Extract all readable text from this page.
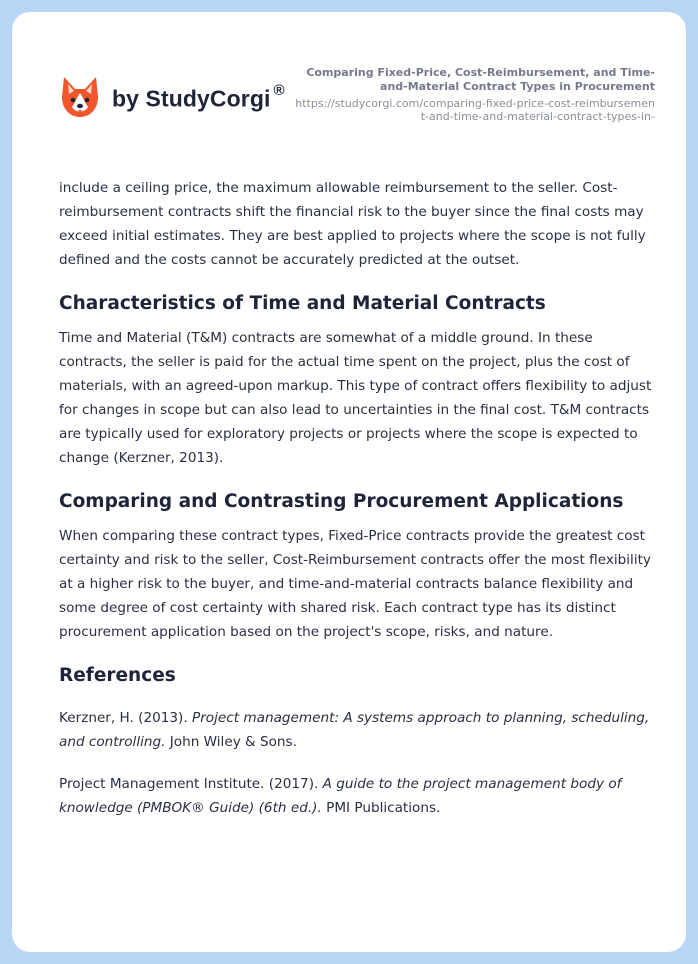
by StudyCorgi ®
Comparing Fixed-Price, Cost-Reimbursement, and Time-and-Material Contract Types in Procurement
https://studycorgi.com/comparing-fixed-price-cost-reimbursement-and-time-and-material-contract-types-in-

include a ceiling price, the maximum allowable reimbursement to the seller. Cost-reimbursement contracts shift the financial risk to the buyer since the final costs may exceed initial estimates. They are best applied to projects where the scope is not fully defined and the costs cannot be accurately predicted at the outset.

Characteristics of Time and Material Contracts

Time and Material (T&M) contracts are somewhat of a middle ground. In these contracts, the seller is paid for the actual time spent on the project, plus the cost of materials, with an agreed-upon markup. This type of contract offers flexibility to adjust for changes in scope but can also lead to uncertainties in the final cost. T&M contracts are typically used for exploratory projects or projects where the scope is expected to change (Kerzner, 2013).

Comparing and Contrasting Procurement Applications

When comparing these contract types, Fixed-Price contracts provide the greatest cost certainty and risk to the seller, Cost-Reimbursement contracts offer the most flexibility at a higher risk to the buyer, and time-and-material contracts balance flexibility and some degree of cost certainty with shared risk. Each contract type has its distinct procurement application based on the project's scope, risks, and nature.

References

Kerzner, H. (2013). Project management: A systems approach to planning, scheduling, and controlling. John Wiley & Sons.

Project Management Institute. (2017). A guide to the project management body of knowledge (PMBOK® Guide) (6th ed.). PMI Publications.
